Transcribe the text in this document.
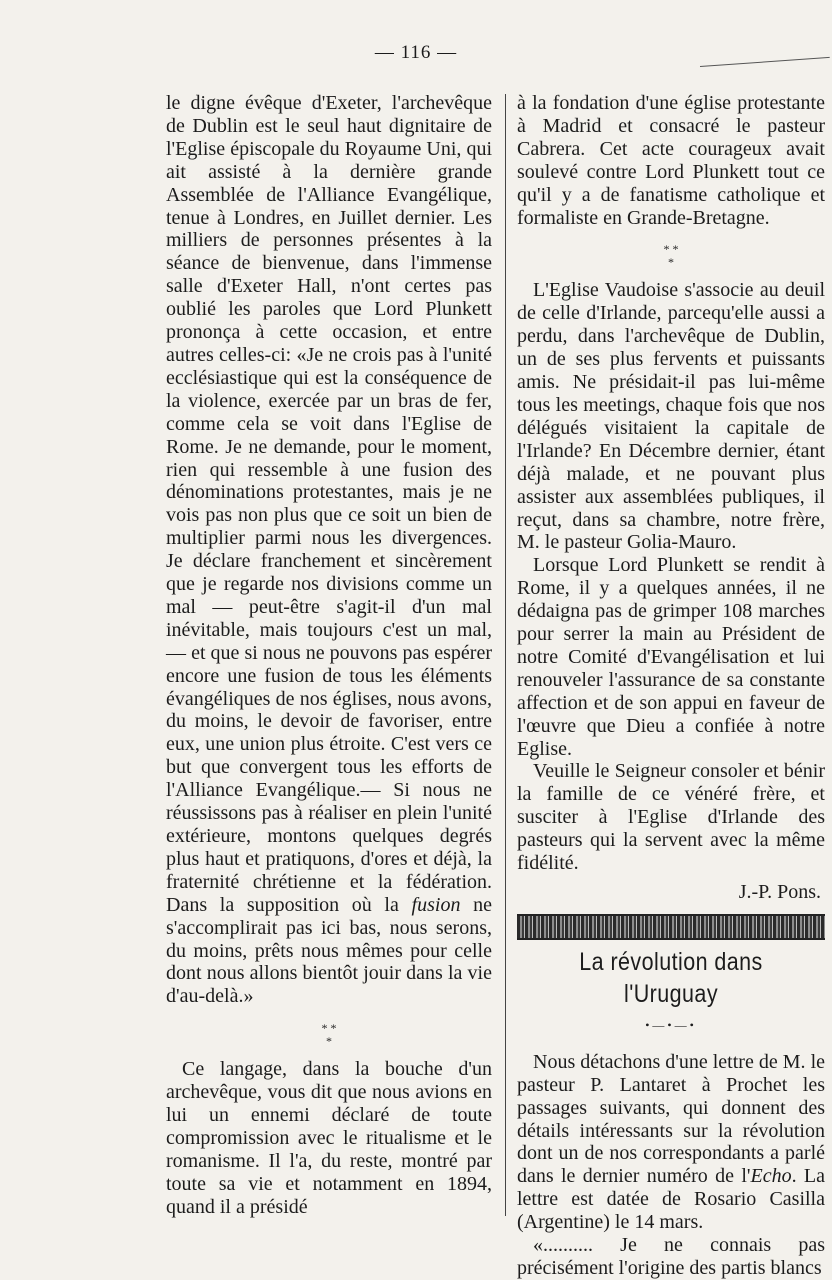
— 116 —

le digne évêque d'Exeter, l'archevêque de Dublin est le seul haut dignitaire de l'Eglise épiscopale du Royaume Uni, qui ait assisté à la dernière grande Assemblée de l'Alliance Evangélique, tenue à Londres, en Juillet dernier. Les milliers de personnes présentes à la séance de bienvenue, dans l'immense salle d'Exeter Hall, n'ont certes pas oublié les paroles que Lord Plunkett prononça à cette occasion, et entre autres celles-ci: «Je ne crois pas à l'unité ecclésiastique qui est la conséquence de la violence, exercée par un bras de fer, comme cela se voit dans l'Eglise de Rome. Je ne demande, pour le moment, rien qui ressemble à une fusion des dénominations protestantes, mais je ne vois pas non plus que ce soit un bien de multiplier parmi nous les divergences. Je déclare franchement et sincèrement que je regarde nos divisions comme un mal — peut-être s'agit-il d'un mal inévitable, mais toujours c'est un mal, — et que si nous ne pouvons pas espérer encore une fusion de tous les éléments évangéliques de nos églises, nous avons, du moins, le devoir de favoriser, entre eux, une union plus étroite. C'est vers ce but que convergent tous les efforts de l'Alliance Evangélique.— Si nous ne réussissons pas à réaliser en plein l'unité extérieure, montons quelques degrés plus haut et pratiquons, d'ores et déjà, la fraternité chrétienne et la fédération. Dans la supposition où la fusion ne s'accomplirait pas ici bas, nous serons, du moins, prêts nous mêmes pour celle dont nous allons bientôt jouir dans la vie d'au-delà.»

* *
*

Ce langage, dans la bouche d'un archevêque, vous dit que nous avions en lui un ennemi déclaré de toute compromission avec le ritualisme et le romanisme. Il l'a, du reste, montré par toute sa vie et notamment en 1894, quand il a présidé

à la fondation d'une église protestante à Madrid et consacré le pasteur Cabrera. Cet acte courageux avait soulevé contre Lord Plunkett tout ce qu'il y a de fanatisme catholique et formaliste en Grande-Bretagne.

* *
*

L'Eglise Vaudoise s'associe au deuil de celle d'Irlande, parcequ'elle aussi a perdu, dans l'archevêque de Dublin, un de ses plus fervents et puissants amis. Ne présidait-il pas lui-même tous les meetings, chaque fois que nos délégués visitaient la capitale de l'Irlande? En Décembre dernier, étant déjà malade, et ne pouvant plus assister aux assemblées publiques, il reçut, dans sa chambre, notre frère, M. le pasteur Golia-Mauro.

Lorsque Lord Plunkett se rendit à Rome, il y a quelques années, il ne dédaigna pas de grimper 108 marches pour serrer la main au Président de notre Comité d'Evangélisation et lui renouveler l'assurance de sa constante affection et de son appui en faveur de l'œuvre que Dieu a confiée à notre Eglise.

Veuille le Seigneur consoler et bénir la famille de ce vénéré frère, et susciter à l'Eglise d'Irlande des pasteurs qui la servent avec la même fidélité.

J.-P. Pons.
La révolution dans l'Uruguay
•—•—•

Nous détachons d'une lettre de M. le pasteur P. Lantaret à Prochet les passages suivants, qui donnent des détails intéressants sur la révolution dont un de nos correspondants a parlé dans le dernier numéro de l'Echo. La lettre est datée de Rosario Casilla (Argentine) le 14 mars.

«.......... Je ne connais pas précisément l'origine des partis blancs
